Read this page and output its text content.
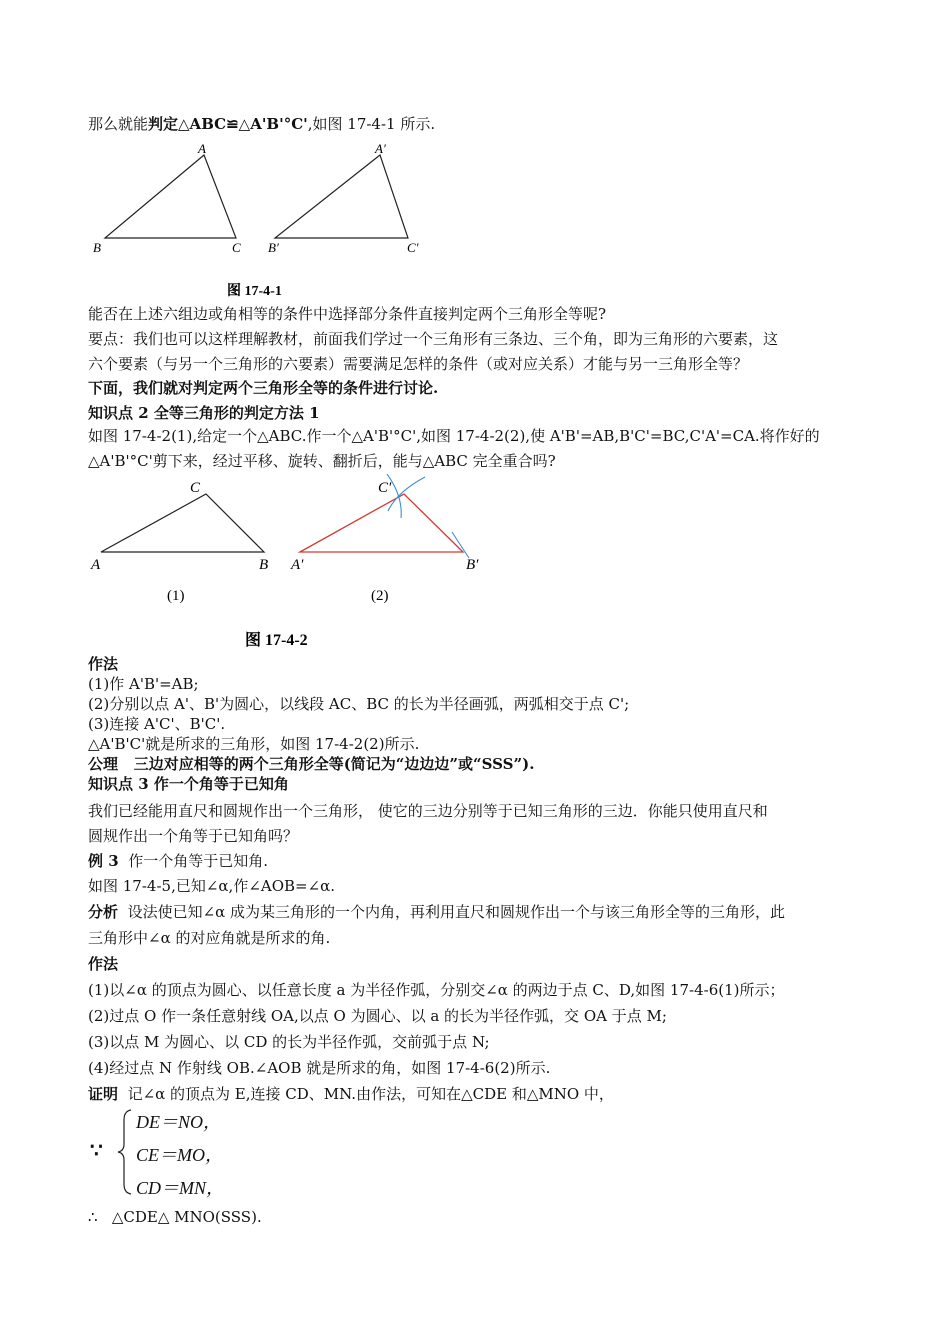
那么就能判定△ABC≌△A'B'°C',如图 17-4-1 所示.
A
B	C
A′
B′	C′
图 17-4-1
能否在上述六组边或角相等的条件中选择部分条件直接判定两个三角形全等呢?
要点：我们也可以这样理解教材，前面我们学过一个三角形有三条边、三个角，即为三角形的六要素，这
六个要素（与另一个三角形的六要素）需要满足怎样的条件（或对应关系）才能与另一三角形全等？
下面，我们就对判定两个三角形全等的条件进行讨论.
知识点 2 全等三角形的判定方法 1
如图 17-4-2(1),给定一个△ABC.作一个△A'B'°C',如图 17-4-2(2),使 A'B'=AB,B'C'=BC,C'A'=CA.将作好的
△A'B'°C'剪下来，经过平移、旋转、翻折后，能与△ABC 完全重合吗?
C
A	B
C′
A′	B′
(1)	(2)
图 17-4-2
作法
(1)作 A'B'=AB;
(2)分别以点 A'、B'为圆心，以线段 AC、BC 的长为半径画弧，两弧相交于点 C';
(3)连接 A'C'、B'C'.
△A'B'C'就是所求的三角形，如图 17-4-2(2)所示.
公理 三边对应相等的两个三角形全等(简记为“边边边”或“SSS”).
知识点 3 作一个角等于已知角
我们已经能用直尺和圆规作出一个三角形， 使它的三边分别等于已知三角形的三边．你能只使用直尺和
圆规作出一个角等于已知角吗？
例 3 作一个角等于已知角.
如图 17-4-5,已知∠α,作∠AOB=∠α.
分析 设法使已知∠α 成为某三角形的一个内角，再利用直尺和圆规作出一个与该三角形全等的三角形，此
三角形中∠α 的对应角就是所求的角.
作法
(1)以∠α 的顶点为圆心、以任意长度 a 为半径作弧，分别交∠α 的两边于点 C、D,如图 17-4-6(1)所示；
(2)过点 O 作一条任意射线 OA,以点 O 为圆心、以 a 的长为半径作弧，交 OA 于点 M;
(3)以点 M 为圆心、以 CD 的长为半径作弧，交前弧于点 N;
(4)经过点 N 作射线 OB.∠AOB 就是所求的角，如图 17-4-6(2)所示.
证明 记∠α 的顶点为 E,连接 CD、MN.由作法，可知在△CDE 和△MNO 中，
∵
DE＝NO，
CE＝MO，
CD＝MN，
∴ △CDE△ MNO(SSS).
